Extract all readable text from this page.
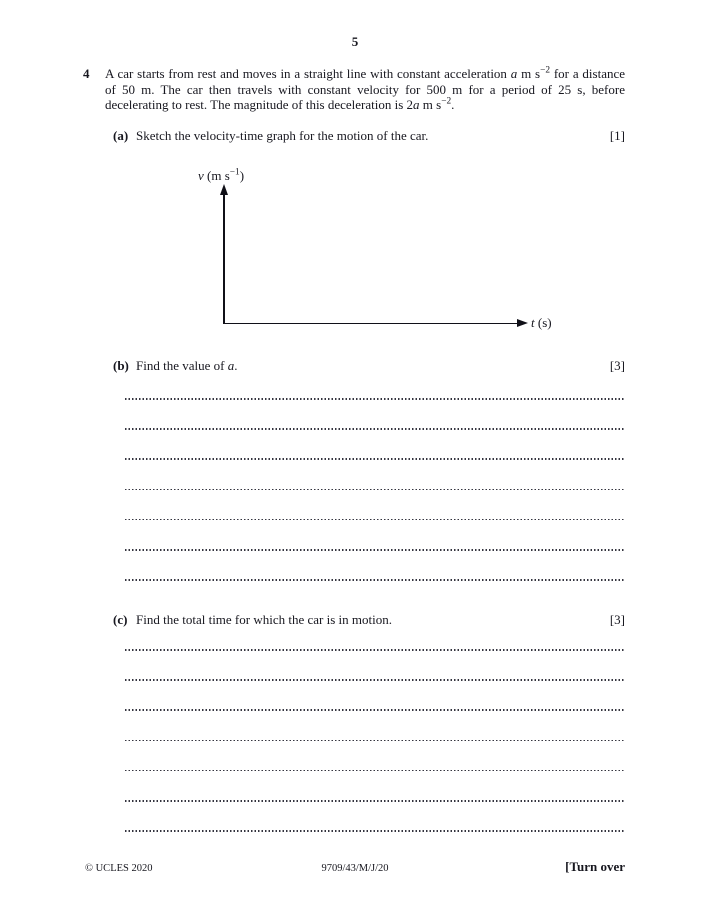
5
4	A car starts from rest and moves in a straight line with constant acceleration a m $s^{-2}$ for a distance of 50 m. The car then travels with constant velocity for 500 m for a period of 25 s, before decelerating to rest. The magnitude of this deceleration is 2a m $s^{-2}$.
(a) Sketch the velocity-time graph for the motion of the car.	[1]
v (m $s^{-1}$)
t (s)
(b) Find the value of a.	[3]
(c) Find the total time for which the car is in motion.	[3]
© UCLES 2020	9709/43/M/J/20	[Turn over
